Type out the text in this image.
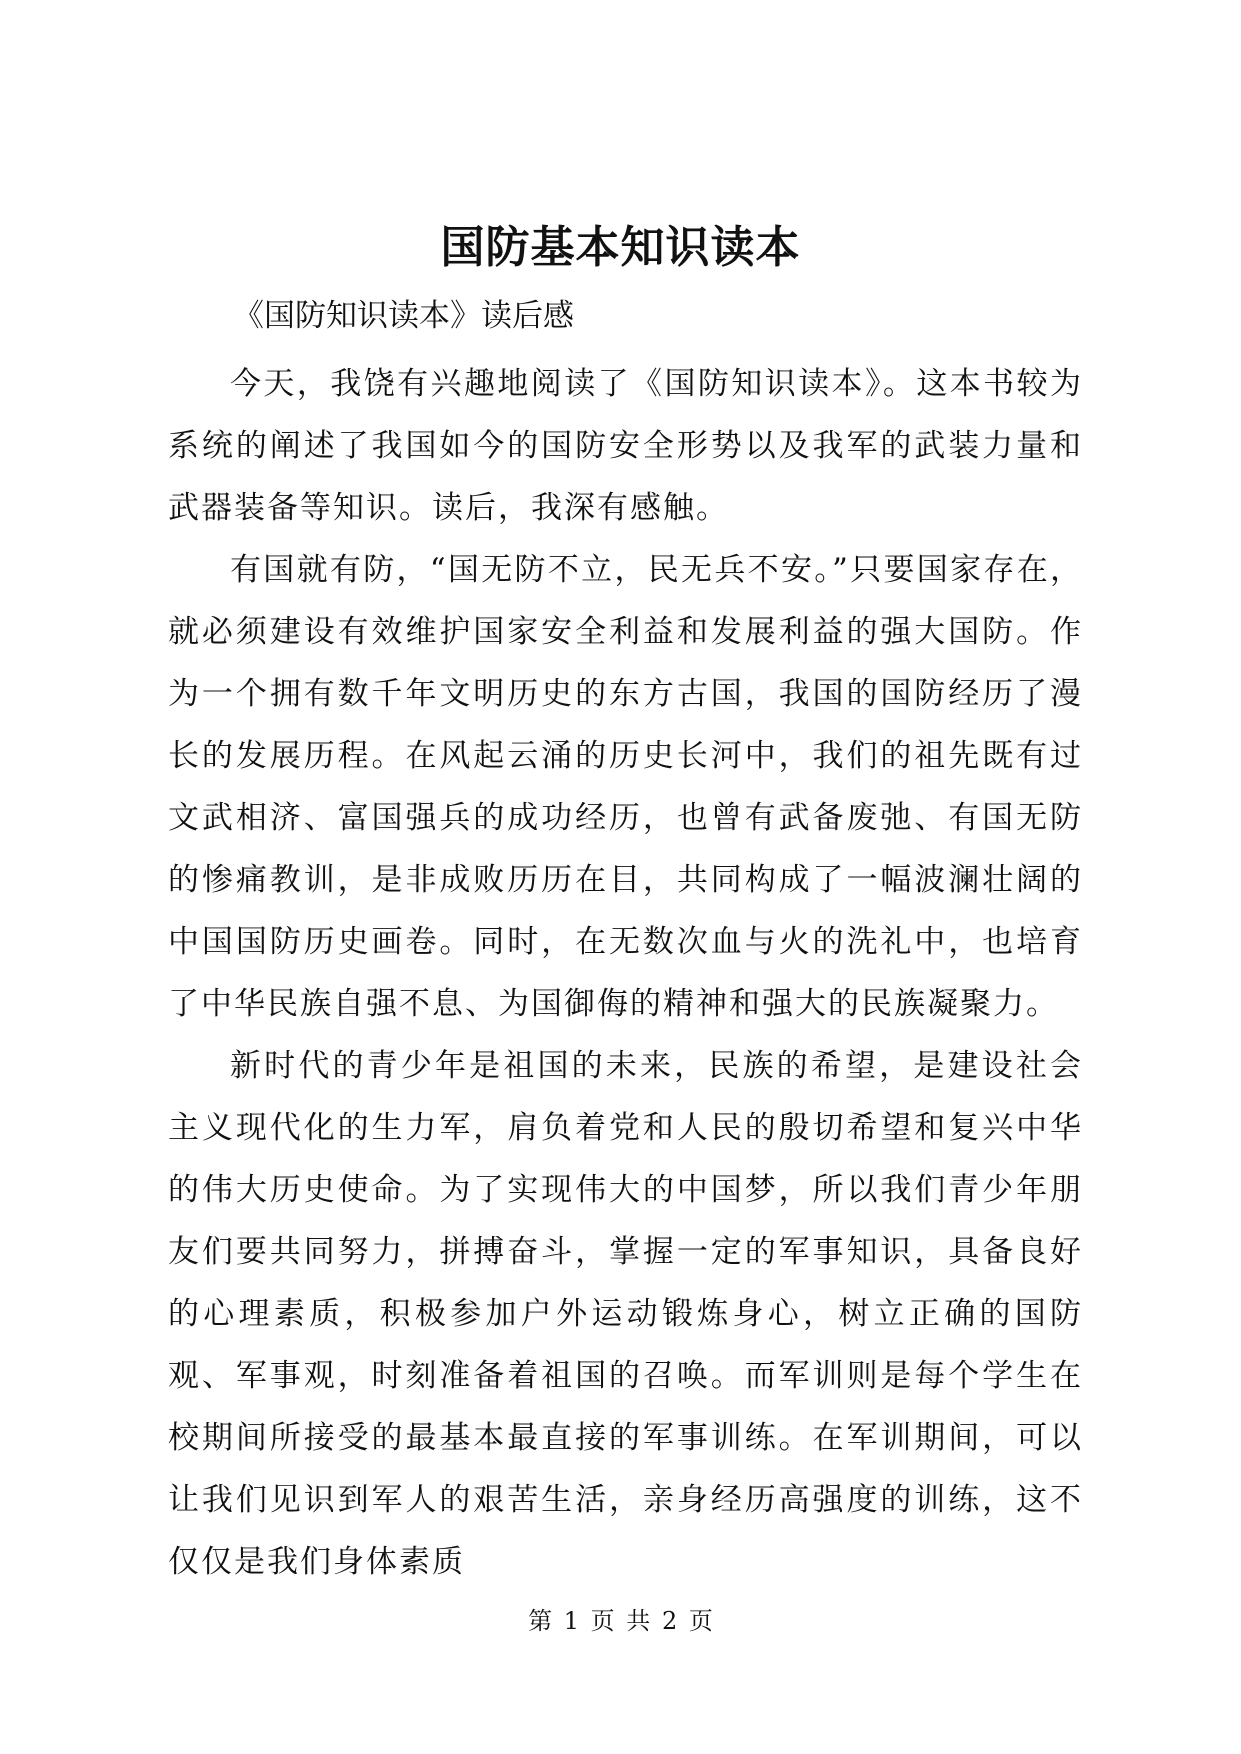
国防基本知识读本
《国防知识读本》读后感

今天，我饶有兴趣地阅读了《国防知识读本》。这本书较为系统的阐述了我国如今的国防安全形势以及我军的武装力量和武器装备等知识。读后，我深有感触。

有国就有防，“国无防不立，民无兵不安。”只要国家存在，就必须建设有效维护国家安全利益和发展利益的强大国防。作为一个拥有数千年文明历史的东方古国，我国的国防经历了漫长的发展历程。在风起云涌的历史长河中，我们的祖先既有过文武相济、富国强兵的成功经历，也曾有武备废弛、有国无防的惨痛教训，是非成败历历在目，共同构成了一幅波澜壮阔的中国国防历史画卷。同时，在无数次血与火的洗礼中，也培育了中华民族自强不息、为国御侮的精神和强大的民族凝聚力。

新时代的青少年是祖国的未来，民族的希望，是建设社会主义现代化的生力军，肩负着党和人民的殷切希望和复兴中华的伟大历史使命。为了实现伟大的中国梦，所以我们青少年朋友们要共同努力，拼搏奋斗，掌握一定的军事知识，具备良好的心理素质，积极参加户外运动锻炼身心，树立正确的国防观、军事观，时刻准备着祖国的召唤。而军训则是每个学生在校期间所接受的最基本最直接的军事训练。在军训期间，可以让我们见识到军人的艰苦生活，亲身经历高强度的训练，这不仅仅是我们身体素质

第 1 页 共 2 页
